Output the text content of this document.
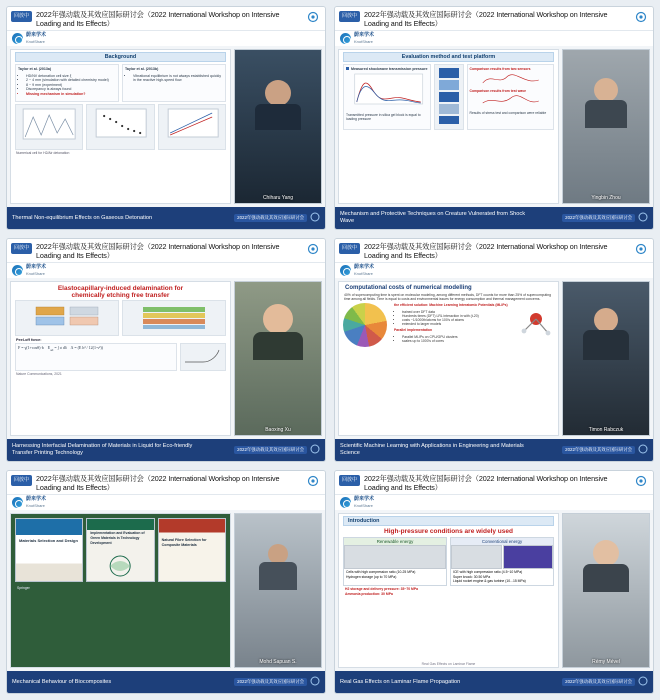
回放中 2022年强动载及其效应国际研讨会（2022 International Workshop on Intensive Loading and Its Effects）
蔚来学术
KnotShare
Background
Taylor et al. (2013a)
• HD/NV detonation cell size ξ
• 2 ~ 4 mm (simulation with detailed chemistry model)
• 8 ~ 9 mm (experiment)
• Discrepancy is always found
• Missing mechanism in simulation?
Taylor et al. (2013b)
• Vibrational equilibrium is not always established quickly in the reactive high-speed flow
Numerical cell for H2/Air detonation
Chiharu Yang
Thermal Non-equilibrium Effects on Gaseous Detonation	2022年强动载及其效应国际研讨会
回放中 2022年强动载及其效应国际研讨会（2022 International Workshop on Intensive Loading and Its Effects）
蔚来学术
KnotShare
Evaluation method and test platform
Measured shockwave transmission pressure
Transmitted pressure in silica gel block is equal to loading pressure
Comparison results from two sensors
Comparison results from test wave
Results of stress test and comparison were reliable
Yingbin Zhou
Mechanism and Protective Techniques on Creature Vulnerated from Shock Wave
2022年强动载及其效应国际研讨会
回放中 2022年强动载及其效应国际研讨会（2022 International Workshop on Intensive Loading and Its Effects）
蔚来学术
KnotShare
Elastocapillary-induced delamination for
chemically etching free transfer
Peel-off force:
F = γ(1+cosθ)·b    $E_{ad}$ = ∫ σ dδ    Λ = (E h³ / 12(1-ν²))
Nature Communications, 2021
Baoxing Xu
Harnessing Interfacial Delamination of Materials in Liquid for Eco-friendly Transfer Printing Technology
2022年强动载及其效应国际研讨会
回放中 2022年强动载及其效应国际研讨会（2022 International Workshop on Intensive Loading and Its Effects）
蔚来学术
KnotShare
Computational costs of numerical modelling
40% of supercomputing time is spent on molecular modeling, among different methods, DFT counts for more than 25% of supercomputing time among all fields. Time is equal to costs and environmental issues for energy consumption and thermal management concerns.
the efficient solution: Machine Learning Interatomic Potentials (MLIPs)
• trained over DFT data
• Hundreds times (DFT) LRL interaction in with (t-20)
• costs ~1/1000th/atoms for 100's of atoms
• extended to larger models
Parallel implementation
• Parallel MLIPs on CPU/GPU clusters
• scales up to 1000's of cores
Timon Rabczuk
Scientific Machine Learning with Applications in Engineering and Materials Science
2022年强动载及其效应国际研讨会
回放中 2022年强动载及其效应国际研讨会（2022 International Workshop on Intensive Loading and Its Effects）
蔚来学术
KnotShare
Materials Selection and Design
Implementation and Evaluation of Green Materials in Technology Development
Natural Fibre Selection for Composite Materials
Springer
Mohd Sapuan S.
Mechanical Behaviour of Biocomposites	2022年强动载及其效应国际研讨会
回放中 2022年强动载及其效应国际研讨会（2022 International Workshop on Intensive Loading and Its Effects）
蔚来学术
KnotShare
Introduction
High-pressure conditions are widely used
Renewable energy
Cells with high compression ratio (10-25 MPa)
Hydrogen storage (up to 70 MPa)
Conventional energy
ICE with high compression ratio (4.5~10 MPa)
Super knock: 30.50 MPa
Liquid rocket engine & gas turbine (10...15 MPa)
H2 storage and delivery pressure: 35~70 MPa
Ammonia production: 30 MPa
Real Gas Effects on Laminar Flame	Rémy Mével
Real Gas Effects on Laminar Flame Propagation	2022年强动载及其效应国际研讨会
